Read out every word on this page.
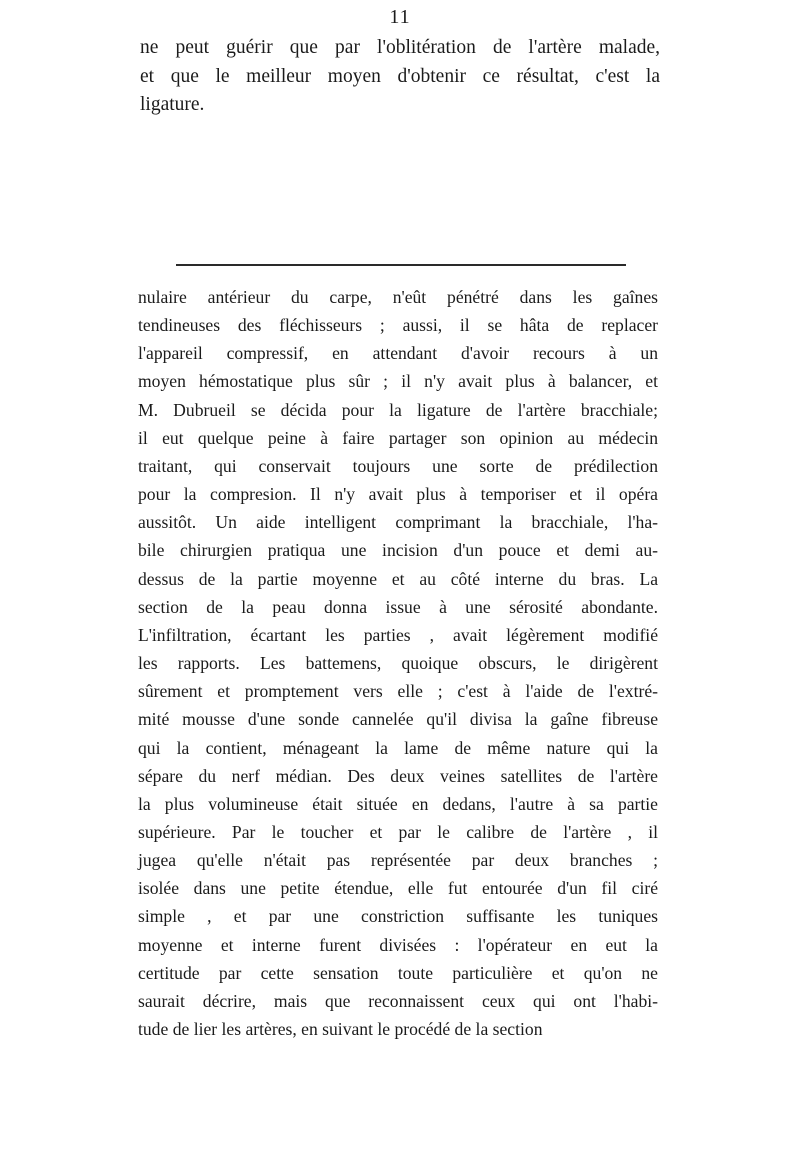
11
ne peut guérir que par l'oblitération de l'artère malade,
et que le meilleur moyen d'obtenir ce résultat, c'est la
ligature.
nulaire antérieur du carpe, n'eût pénétré dans les gaînes
tendineuses des fléchisseurs ; aussi, il se hâta de replacer
l'appareil compressif, en attendant d'avoir recours à un
moyen hémostatique plus sûr ; il n'y avait plus à balancer, et
M. Dubrueil se décida pour la ligature de l'artère bracchiale;
il eut quelque peine à faire partager son opinion au médecin
traitant, qui conservait toujours une sorte de prédilection
pour la compresion. Il n'y avait plus à temporiser et il opéra
aussitôt. Un aide intelligent comprimant la bracchiale, l'ha-
bile chirurgien pratiqua une incision d'un pouce et demi au-
dessus de la partie moyenne et au côté interne du bras. La
section de la peau donna issue à une sérosité abondante.
L'infiltration, écartant les parties , avait légèrement modifié
les rapports. Les battemens, quoique obscurs, le dirigèrent
sûrement et promptement vers elle ; c'est à l'aide de l'extré-
mité mousse d'une sonde cannelée qu'il divisa la gaîne fibreuse
qui la contient, ménageant la lame de même nature qui la
sépare du nerf médian. Des deux veines satellites de l'artère
la plus volumineuse était située en dedans, l'autre à sa partie
supérieure. Par le toucher et par le calibre de l'artère , il
jugea qu'elle n'était pas représentée par deux branches ;
isolée dans une petite étendue, elle fut entourée d'un fil ciré
simple , et par une constriction suffisante les tuniques
moyenne et interne furent divisées : l'opérateur en eut la
certitude par cette sensation toute particulière et qu'on ne
saurait décrire, mais que reconnaissent ceux qui ont l'habi-
tude de lier les artères, en suivant le procédé de la section
